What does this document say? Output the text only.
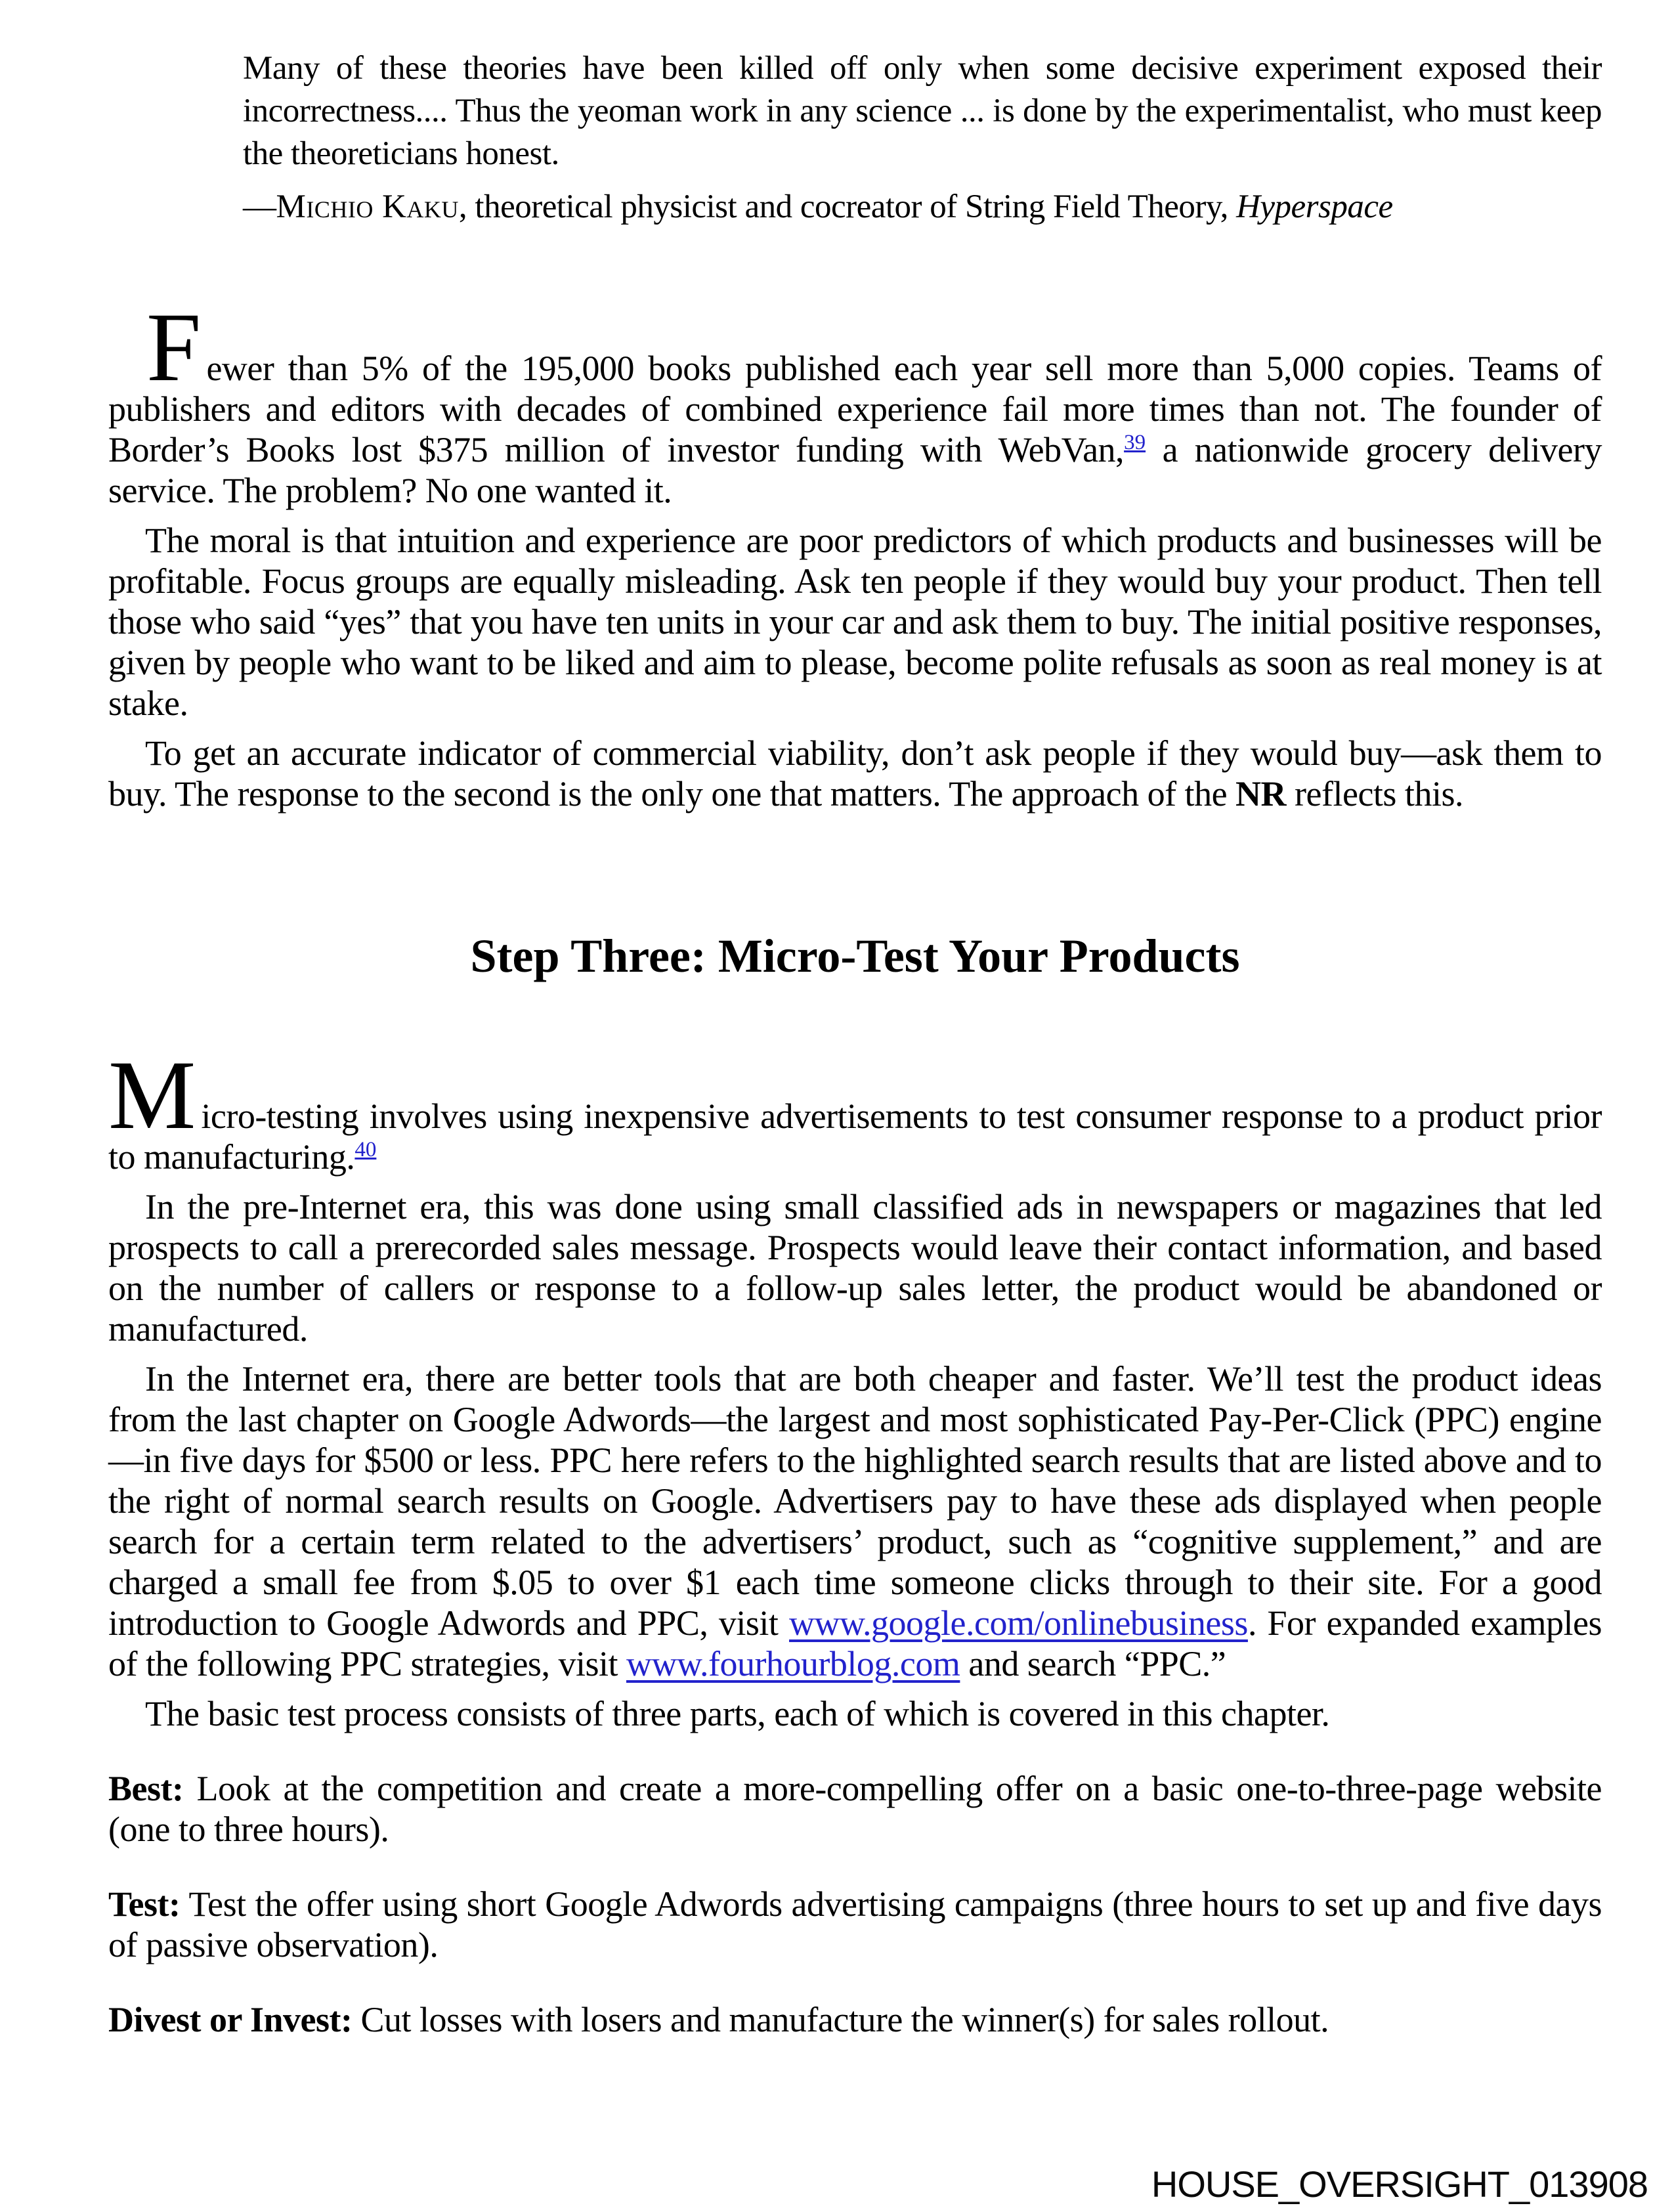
Many of these theories have been killed off only when some decisive experiment exposed their incorrectness.... Thus the yeoman work in any science ... is done by the experimentalist, who must keep the theoreticians honest.

—Michio Kaku, theoretical physicist and cocreator of String Field Theory, Hyperspace

Fewer than 5% of the 195,000 books published each year sell more than 5,000 copies. Teams of publishers and editors with decades of combined experience fail more times than not. The founder of Border’s Books lost $375 million of investor funding with WebVan,$^{39}$ a nationwide grocery delivery service. The problem? No one wanted it.

The moral is that intuition and experience are poor predictors of which products and businesses will be profitable. Focus groups are equally misleading. Ask ten people if they would buy your product. Then tell those who said “yes” that you have ten units in your car and ask them to buy. The initial positive responses, given by people who want to be liked and aim to please, become polite refusals as soon as real money is at stake.

To get an accurate indicator of commercial viability, don’t ask people if they would buy—ask them to buy. The response to the second is the only one that matters. The approach of the NR reflects this.

Step Three: Micro-Test Your Products

Micro-testing involves using inexpensive advertisements to test consumer response to a product prior to manufacturing.$^{40}$

In the pre-Internet era, this was done using small classified ads in newspapers or magazines that led prospects to call a prerecorded sales message. Prospects would leave their contact information, and based on the number of callers or response to a follow-up sales letter, the product would be abandoned or manufactured.

In the Internet era, there are better tools that are both cheaper and faster. We’ll test the product ideas from the last chapter on Google Adwords—the largest and most sophisticated Pay-Per-Click (PPC) engine—in five days for $500 or less. PPC here refers to the highlighted search results that are listed above and to the right of normal search results on Google. Advertisers pay to have these ads displayed when people search for a certain term related to the advertisers’ product, such as “cognitive supplement,” and are charged a small fee from $.05 to over $1 each time someone clicks through to their site. For a good introduction to Google Adwords and PPC, visit www.google.com/onlinebusiness. For expanded examples of the following PPC strategies, visit www.fourhourblog.com and search “PPC.”

The basic test process consists of three parts, each of which is covered in this chapter.

Best: Look at the competition and create a more-compelling offer on a basic one-to-three-page website (one to three hours).

Test: Test the offer using short Google Adwords advertising campaigns (three hours to set up and five days of passive observation).

Divest or Invest: Cut losses with losers and manufacture the winner(s) for sales rollout.

HOUSE_OVERSIGHT_013908
